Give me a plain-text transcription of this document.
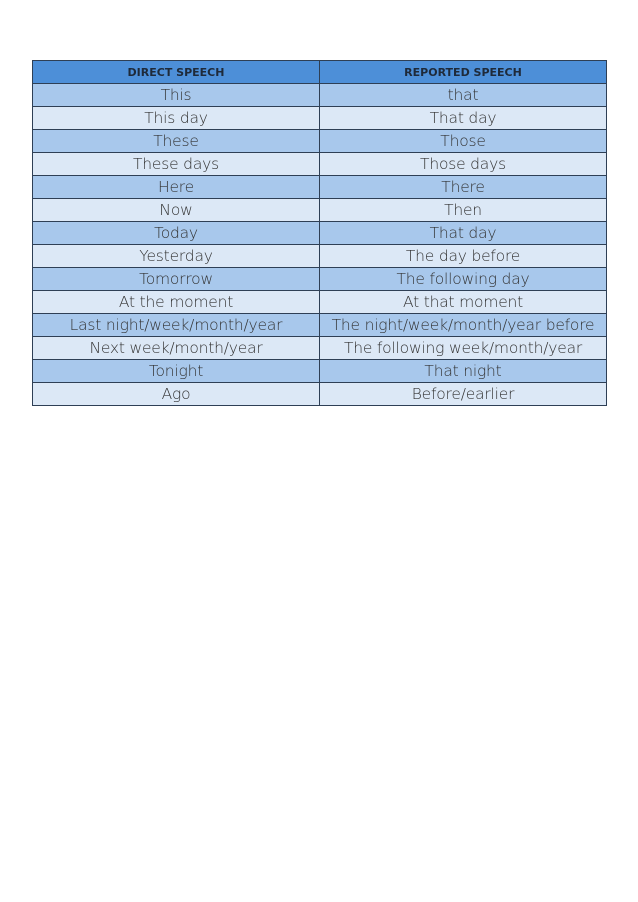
DIRECT SPEECH	REPORTED SPEECH
This	that
This day	That day
These	Those
These days	Those days
Here	There
Now	Then
Today	That day
Yesterday	The day before
Tomorrow	The following day
At the moment	At that moment
Last night/week/month/year	The night/week/month/year before
Next week/month/year	The following week/month/year
Tonight	That night
Ago	Before/earlier
